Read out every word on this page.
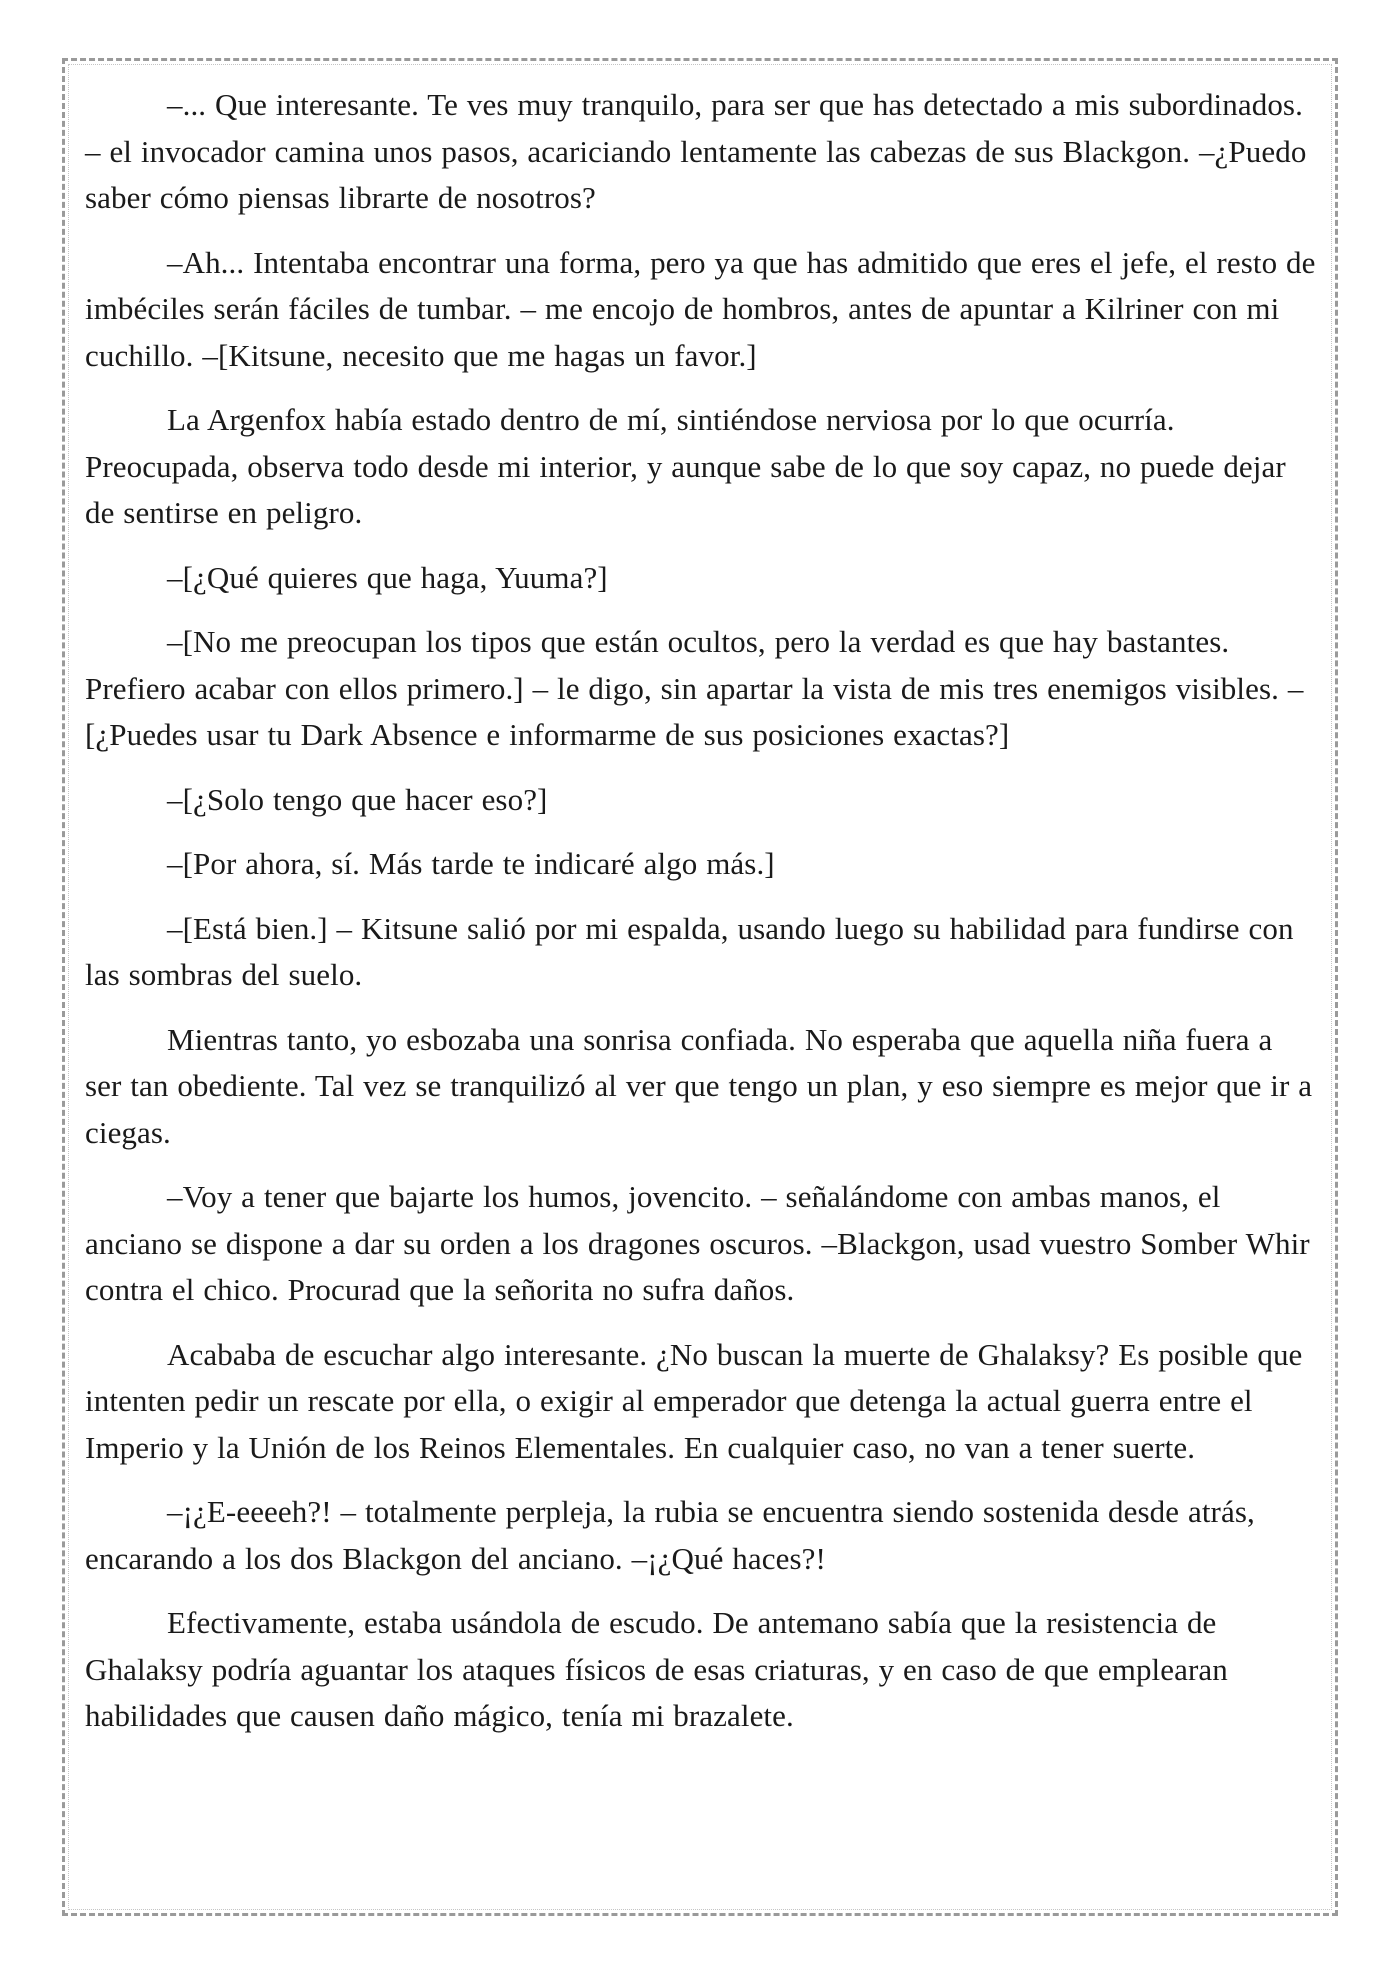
–... Que interesante. Te ves muy tranquilo, para ser que has detectado a mis subordinados. – el invocador camina unos pasos, acariciando lentamente las cabezas de sus Blackgon. –¿Puedo saber cómo piensas librarte de nosotros?

–Ah... Intentaba encontrar una forma, pero ya que has admitido que eres el jefe, el resto de imbéciles serán fáciles de tumbar. – me encojo de hombros, antes de apuntar a Kilriner con mi cuchillo. –[Kitsune, necesito que me hagas un favor.]

La Argenfox había estado dentro de mí, sintiéndose nerviosa por lo que ocurría. Preocupada, observa todo desde mi interior, y aunque sabe de lo que soy capaz, no puede dejar de sentirse en peligro.

–[¿Qué quieres que haga, Yuuma?]

–[No me preocupan los tipos que están ocultos, pero la verdad es que hay bastantes. Prefiero acabar con ellos primero.] – le digo, sin apartar la vista de mis tres enemigos visibles. –[¿Puedes usar tu Dark Absence e informarme de sus posiciones exactas?]

–[¿Solo tengo que hacer eso?]

–[Por ahora, sí. Más tarde te indicaré algo más.]

–[Está bien.] – Kitsune salió por mi espalda, usando luego su habilidad para fundirse con las sombras del suelo.

Mientras tanto, yo esbozaba una sonrisa confiada. No esperaba que aquella niña fuera a ser tan obediente. Tal vez se tranquilizó al ver que tengo un plan, y eso siempre es mejor que ir a ciegas.

–Voy a tener que bajarte los humos, jovencito. – señalándome con ambas manos, el anciano se dispone a dar su orden a los dragones oscuros. –Blackgon, usad vuestro Somber Whir contra el chico. Procurad que la señorita no sufra daños.

Acababa de escuchar algo interesante. ¿No buscan la muerte de Ghalaksy? Es posible que intenten pedir un rescate por ella, o exigir al emperador que detenga la actual guerra entre el Imperio y la Unión de los Reinos Elementales. En cualquier caso, no van a tener suerte.

–¡¿E-eeeeh?! – totalmente perpleja, la rubia se encuentra siendo sostenida desde atrás, encarando a los dos Blackgon del anciano. –¡¿Qué haces?!

Efectivamente, estaba usándola de escudo. De antemano sabía que la resistencia de Ghalaksy podría aguantar los ataques físicos de esas criaturas, y en caso de que emplearan habilidades que causen daño mágico, tenía mi brazalete.
